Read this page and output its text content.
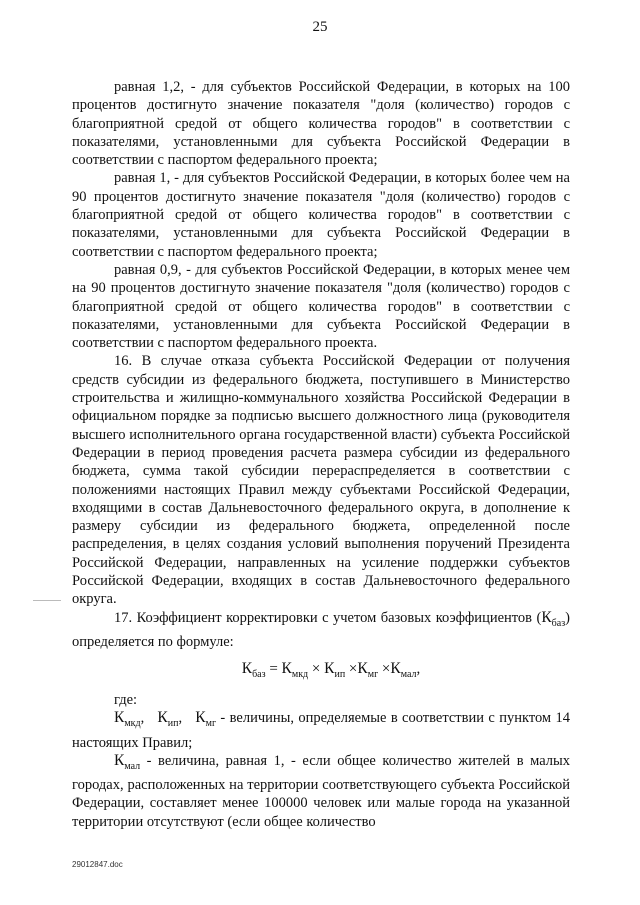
25

равная 1,2, - для субъектов Российской Федерации, в которых на 100 процентов достигнуто значение показателя "доля (количество) городов с благоприятной средой от общего количества городов" в соответствии с показателями, установленными для субъекта Российской Федерации в соответствии с паспортом федерального проекта;

равная 1, - для субъектов Российской Федерации, в которых более чем на 90 процентов достигнуто значение показателя "доля (количество) городов с благоприятной средой от общего количества городов" в соответствии с показателями, установленными для субъекта Российской Федерации в соответствии с паспортом федерального проекта;

равная 0,9, - для субъектов Российской Федерации, в которых менее чем на 90 процентов достигнуто значение показателя "доля (количество) городов с благоприятной средой от общего количества городов" в соответствии с показателями, установленными для субъекта Российской Федерации в соответствии с паспортом федерального проекта.

16. В случае отказа субъекта Российской Федерации от получения средств субсидии из федерального бюджета, поступившего в Министерство строительства и жилищно-коммунального хозяйства Российской Федерации в официальном порядке за подписью высшего должностного лица (руководителя высшего исполнительного органа государственной власти) субъекта Российской Федерации в период проведения расчета размера субсидии из федерального бюджета, сумма такой субсидии перераспределяется в соответствии с положениями настоящих Правил между субъектами Российской Федерации, входящими в состав Дальневосточного федерального округа, в дополнение к размеру субсидии из федерального бюджета, определенной после распределения, в целях создания условий выполнения поручений Президента Российской Федерации, направленных на усиление поддержки субъектов Российской Федерации, входящих в состав Дальневосточного федерального округа.

17. Коэффициент корректировки с учетом базовых коэффициентов $(К_{баз})$ определяется по формуле:

$К_{баз} = К_{мкд} \times К_{ип} \times К_{мг} \times К_{мал}$,

где:

$К_{мкд}$,   $К_{ип}$,   $К_{мг}$ - величины, определяемые в соответствии с пунктом 14 настоящих Правил;

$К_{мал}$ - величина, равная 1, - если общее количество жителей в малых городах, расположенных на территории соответствующего субъекта Российской Федерации, составляет менее 100000 человек или малые города на указанной территории отсутствуют (если общее количество

29012847.doc
